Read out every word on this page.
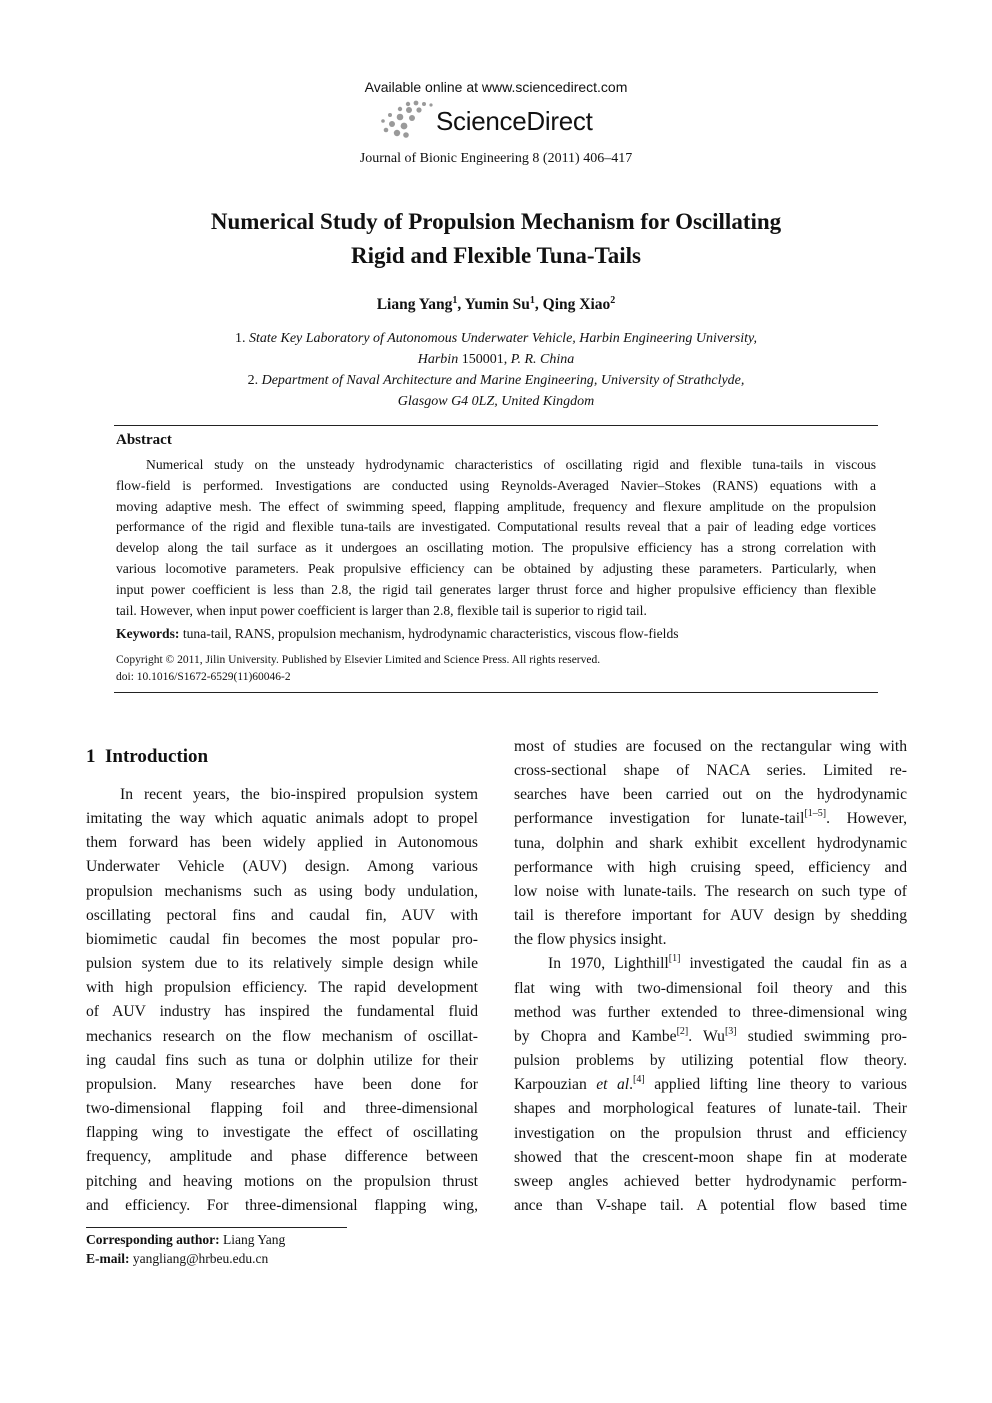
Available online at www.sciencedirect.com
ScienceDirect
Journal of Bionic Engineering 8 (2011) 406–417
Numerical Study of Propulsion Mechanism for Oscillating
Rigid and Flexible Tuna-Tails
Liang Yang$^1$, Yumin Su$^1$, Qing Xiao$^2$
1. State Key Laboratory of Autonomous Underwater Vehicle, Harbin Engineering University,
Harbin 150001, P. R. China
2. Department of Naval Architecture and Marine Engineering, University of Strathclyde,
Glasgow G4 0LZ, United Kingdom
Abstract
Numerical study on the unsteady hydrodynamic characteristics of oscillating rigid and flexible tuna-tails in viscous
flow-field is performed. Investigations are conducted using Reynolds-Averaged Navier–Stokes (RANS) equations with a
moving adaptive mesh. The effect of swimming speed, flapping amplitude, frequency and flexure amplitude on the propulsion
performance of the rigid and flexible tuna-tails are investigated. Computational results reveal that a pair of leading edge vortices
develop along the tail surface as it undergoes an oscillating motion. The propulsive efficiency has a strong correlation with
various locomotive parameters. Peak propulsive efficiency can be obtained by adjusting these parameters. Particularly, when
input power coefficient is less than 2.8, the rigid tail generates larger thrust force and higher propulsive efficiency than flexible
tail. However, when input power coefficient is larger than 2.8, flexible tail is superior to rigid tail.
Keywords: tuna-tail, RANS, propulsion mechanism, hydrodynamic characteristics, viscous flow-fields
Copyright © 2011, Jilin University. Published by Elsevier Limited and Science Press. All rights reserved.
doi: 10.1016/S1672-6529(11)60046-2
1 Introduction
In recent years, the bio-inspired propulsion system
imitating the way which aquatic animals adopt to propel
them forward has been widely applied in Autonomous
Underwater Vehicle (AUV) design. Among various
propulsion mechanisms such as using body undulation,
oscillating pectoral fins and caudal fin, AUV with
biomimetic caudal fin becomes the most popular pro-
pulsion system due to its relatively simple design while
with high propulsion efficiency. The rapid development
of AUV industry has inspired the fundamental fluid
mechanics research on the flow mechanism of oscillat-
ing caudal fins such as tuna or dolphin utilize for their
propulsion. Many researches have been done for
two-dimensional flapping foil and three-dimensional
flapping wing to investigate the effect of oscillating
frequency, amplitude and phase difference between
pitching and heaving motions on the propulsion thrust
and efficiency. For three-dimensional flapping wing,
most of studies are focused on the rectangular wing with
cross-sectional shape of NACA series. Limited re-
searches have been carried out on the hydrodynamic
performance investigation for lunate-tail[1–5]. However,
tuna, dolphin and shark exhibit excellent hydrodynamic
performance with high cruising speed, efficiency and
low noise with lunate-tails. The research on such type of
tail is therefore important for AUV design by shedding
the flow physics insight.
In 1970, Lighthill[1] investigated the caudal fin as a
flat wing with two-dimensional foil theory and this
method was further extended to three-dimensional wing
by Chopra and Kambe[2]. Wu[3] studied swimming pro-
pulsion problems by utilizing potential flow theory.
Karpouzian et al.[4] applied lifting line theory to various
shapes and morphological features of lunate-tail. Their
investigation on the propulsion thrust and efficiency
showed that the crescent-moon shape fin at moderate
sweep angles achieved better hydrodynamic perform-
ance than V-shape tail. A potential flow based time
Corresponding author: Liang Yang
E-mail: yangliang@hrbeu.edu.cn
